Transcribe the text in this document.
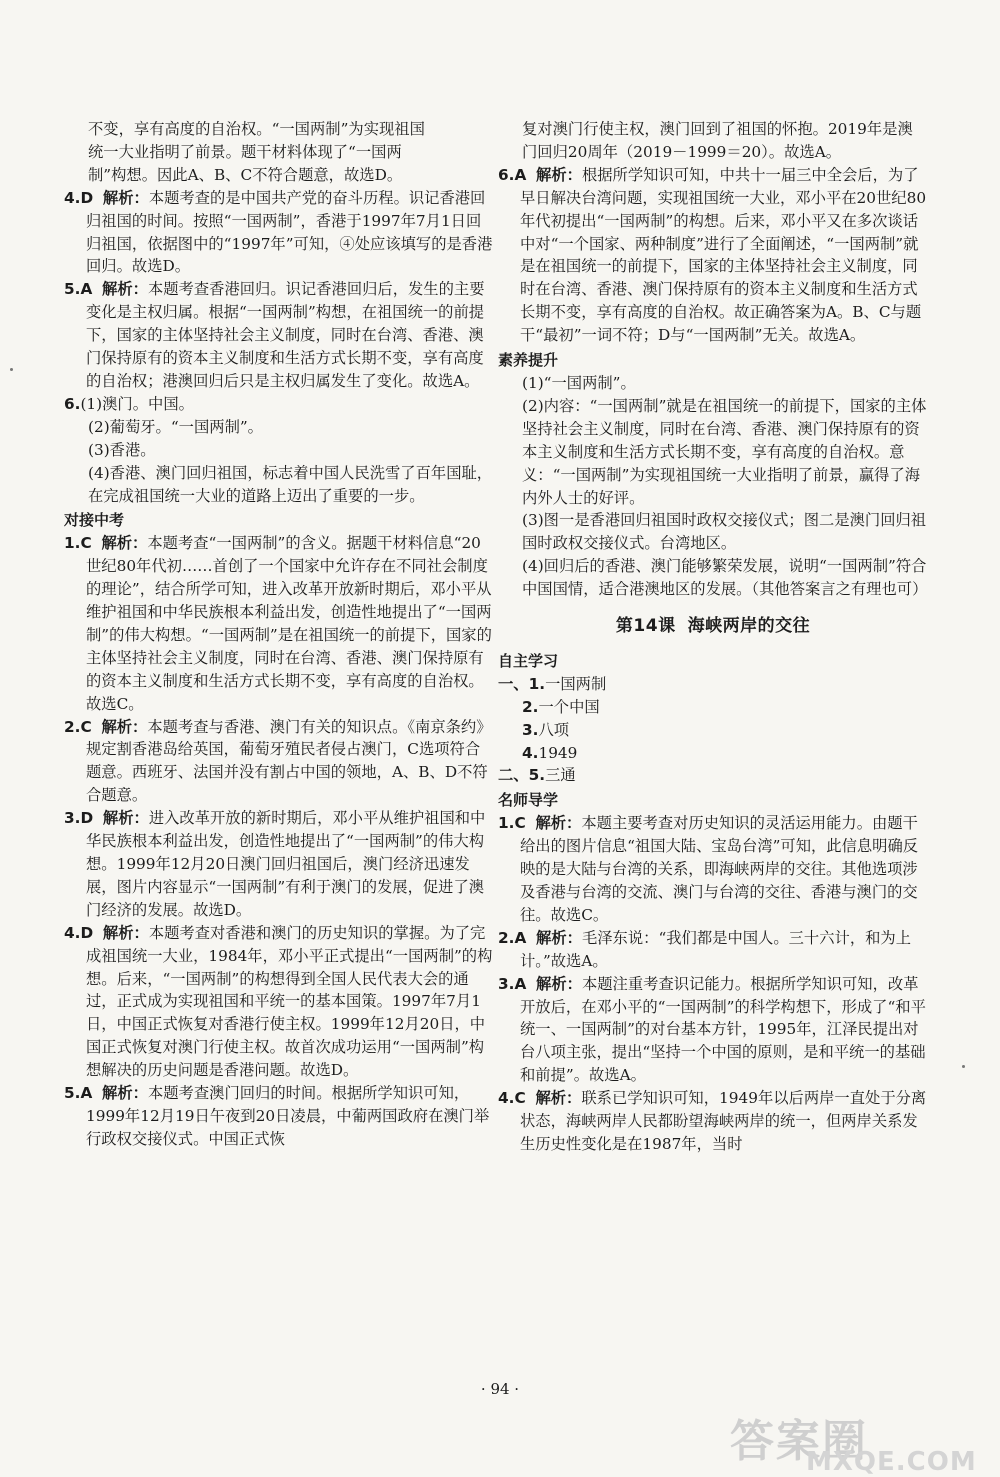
不变，享有高度的自治权。“一国两制”为实现祖国
统一大业指明了前景。题干材料体现了“一国两
制”构想。因此A、B、C不符合题意，故选D。

4.D 解析：本题考查的是中国共产党的奋斗历程。识记香港回归祖国的时间。按照“一国两制”，香港于1997年7月1日回归祖国，依据图中的“1997年”可知，④处应该填写的是香港回归。故选D。

5.A 解析：本题考查香港回归。识记香港回归后，发生的主要变化是主权归属。根据“一国两制”构想，在祖国统一的前提下，国家的主体坚持社会主义制度，同时在台湾、香港、澳门保持原有的资本主义制度和生活方式长期不变，享有高度的自治权；港澳回归后只是主权归属发生了变化。故选A。

6.(1)澳门。中国。

(2)葡萄牙。“一国两制”。

(3)香港。

(4)香港、澳门回归祖国，标志着中国人民洗雪了百年国耻，在完成祖国统一大业的道路上迈出了重要的一步。

对接中考

1.C 解析：本题考查“一国两制”的含义。据题干材料信息“20世纪80年代初……首创了一个国家中允许存在不同社会制度的理论”，结合所学可知，进入改革开放新时期后，邓小平从维护祖国和中华民族根本利益出发，创造性地提出了“一国两制”的伟大构想。“一国两制”是在祖国统一的前提下，国家的主体坚持社会主义制度，同时在台湾、香港、澳门保持原有的资本主义制度和生活方式长期不变，享有高度的自治权。故选C。

2.C 解析：本题考查与香港、澳门有关的知识点。《南京条约》规定割香港岛给英国，葡萄牙殖民者侵占澳门，C选项符合题意。西班牙、法国并没有割占中国的领地，A、B、D不符合题意。

3.D 解析：进入改革开放的新时期后，邓小平从维护祖国和中华民族根本利益出发，创造性地提出了“一国两制”的伟大构想。1999年12月20日澳门回归祖国后，澳门经济迅速发展，图片内容显示“一国两制”有利于澳门的发展，促进了澳门经济的发展。故选D。

4.D 解析：本题考查对香港和澳门的历史知识的掌握。为了完成祖国统一大业，1984年，邓小平正式提出“一国两制”的构想。后来，“一国两制”的构想得到全国人民代表大会的通过，正式成为实现祖国和平统一的基本国策。1997年7月1日，中国正式恢复对香港行使主权。1999年12月20日，中国正式恢复对澳门行使主权。故首次成功运用“一国两制”构想解决的历史问题是香港问题。故选D。

5.A 解析：本题考查澳门回归的时间。根据所学知识可知，1999年12月19日午夜到20日凌晨，中葡两国政府在澳门举行政权交接仪式。中国正式恢

复对澳门行使主权，澳门回到了祖国的怀抱。2019年是澳门回归20周年（2019－1999＝20）。故选A。

6.A 解析：根据所学知识可知，中共十一届三中全会后，为了早日解决台湾问题，实现祖国统一大业，邓小平在20世纪80年代初提出“一国两制”的构想。后来，邓小平又在多次谈话中对“一个国家、两种制度”进行了全面阐述，“一国两制”就是在祖国统一的前提下，国家的主体坚持社会主义制度，同时在台湾、香港、澳门保持原有的资本主义制度和生活方式长期不变，享有高度的自治权。故正确答案为A。B、C与题干“最初”一词不符；D与“一国两制”无关。故选A。

素养提升

(1)“一国两制”。

(2)内容：“一国两制”就是在祖国统一的前提下，国家的主体坚持社会主义制度，同时在台湾、香港、澳门保持原有的资本主义制度和生活方式长期不变，享有高度的自治权。意义：“一国两制”为实现祖国统一大业指明了前景，赢得了海内外人士的好评。

(3)图一是香港回归祖国时政权交接仪式；图二是澳门回归祖国时政权交接仪式。台湾地区。

(4)回归后的香港、澳门能够繁荣发展，说明“一国两制”符合中国国情，适合港澳地区的发展。（其他答案言之有理也可）

第14课 海峡两岸的交往

自主学习

一、1.一国两制

2.一个中国

3.八项

4.1949

二、5.三通

名师导学

1.C 解析：本题主要考查对历史知识的灵活运用能力。由题干给出的图片信息“祖国大陆、宝岛台湾”可知，此信息明确反映的是大陆与台湾的关系，即海峡两岸的交往。其他选项涉及香港与台湾的交流、澳门与台湾的交往、香港与澳门的交往。故选C。

2.A 解析：毛泽东说：“我们都是中国人。三十六计，和为上计。”故选A。

3.A 解析：本题注重考查识记能力。根据所学知识可知，改革开放后，在邓小平的“一国两制”的科学构想下，形成了“和平统一、一国两制”的对台基本方针，1995年，江泽民提出对台八项主张，提出“坚持一个中国的原则，是和平统一的基础和前提”。故选A。

4.C 解析：联系已学知识可知，1949年以后两岸一直处于分离状态，海峡两岸人民都盼望海峡两岸的统一，但两岸关系发生历史性变化是在1987年，当时

· 94 ·
答案圈
MXQE.COM
